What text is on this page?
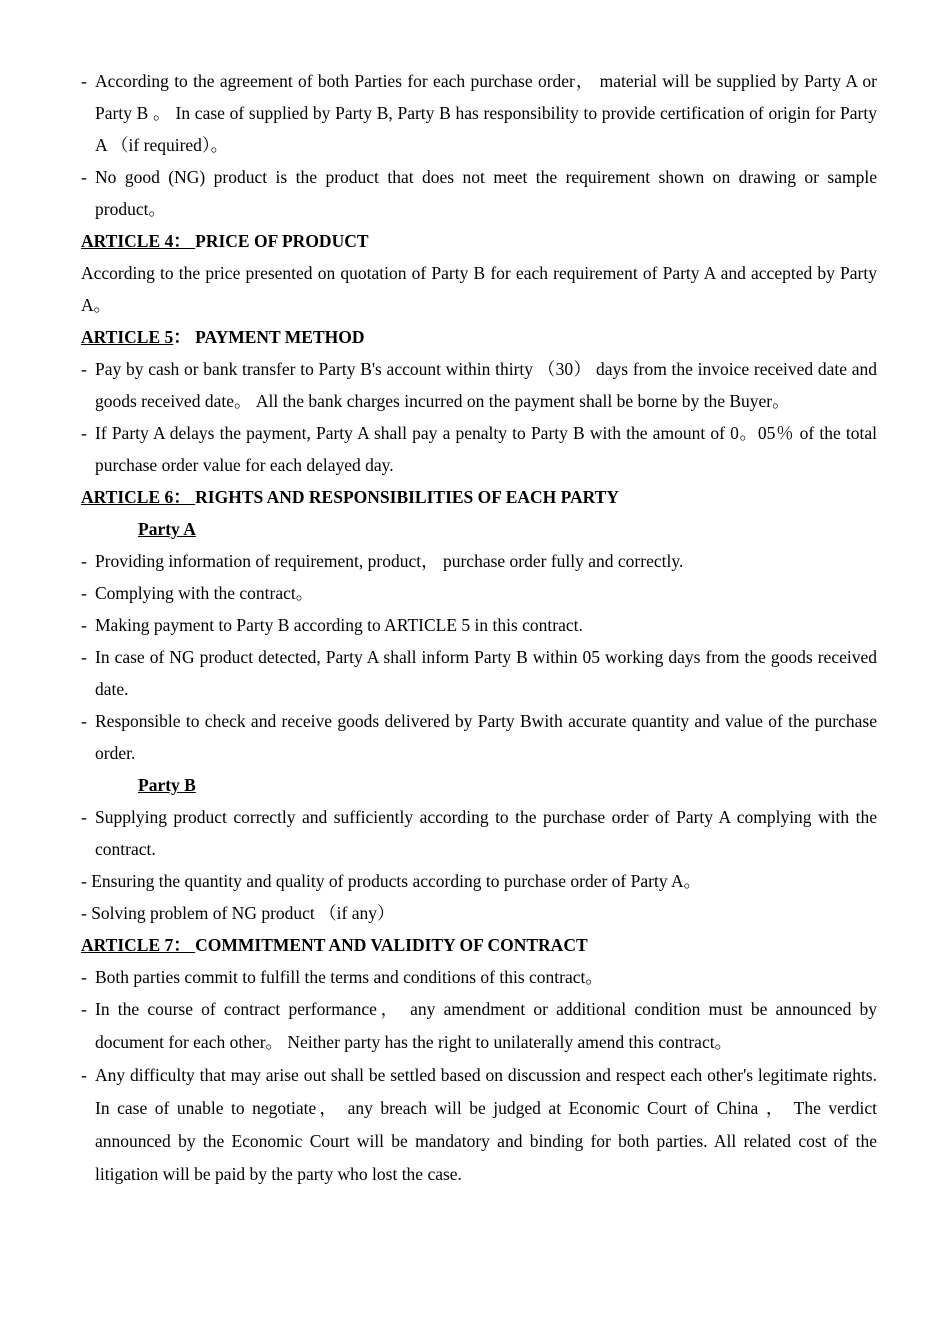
- According to the agreement of both Parties for each purchase order， material will be supplied by Party A or Party B 。 In case of supplied by Party B, Party B has responsibility to provide certification of origin for Party A （if required）。
- No good (NG) product is the product that does not meet the requirement shown on drawing or sample product。
ARTICLE 4： PRICE OF PRODUCT
According to the price presented on quotation of Party B for each requirement of Party A and accepted by Party A。
ARTICLE 5： PAYMENT METHOD
- Pay by cash or bank transfer to Party B's account within thirty （30） days from the invoice received date and goods received date。 All the bank charges incurred on the payment shall be borne by the Buyer。
- If Party A delays the payment, Party A shall pay a penalty to Party B with the amount of 0。05％ of the total purchase order value for each delayed day.
ARTICLE 6： RIGHTS AND RESPONSIBILITIES OF EACH PARTY
Party A
- Providing information of requirement, product， purchase order fully and correctly.
- Complying with the contract。
- Making payment to Party B according to ARTICLE 5 in this contract.
- In case of NG product detected, Party A shall inform Party B within 05 working days from the goods received date.
- Responsible to check and receive goods delivered by Party Bwith accurate quantity and value of the purchase order.
Party B
- Supplying product correctly and sufficiently according to the purchase order of Party A complying with the contract.
- Ensuring the quantity and quality of products according to purchase order of Party A。
- Solving problem of NG product （if any）
ARTICLE 7： COMMITMENT AND VALIDITY OF CONTRACT
- Both parties commit to fulfill the terms and conditions of this contract。
- In the course of contract performance， any amendment or additional condition must be announced by document for each other。 Neither party has the right to unilaterally amend this contract。
- Any difficulty that may arise out shall be settled based on discussion and respect each other's legitimate rights. In case of unable to negotiate， any breach will be judged at Economic Court of China ， The verdict announced by the Economic Court will be mandatory and binding for both parties. All related cost of the litigation will be paid by the party who lost the case.
